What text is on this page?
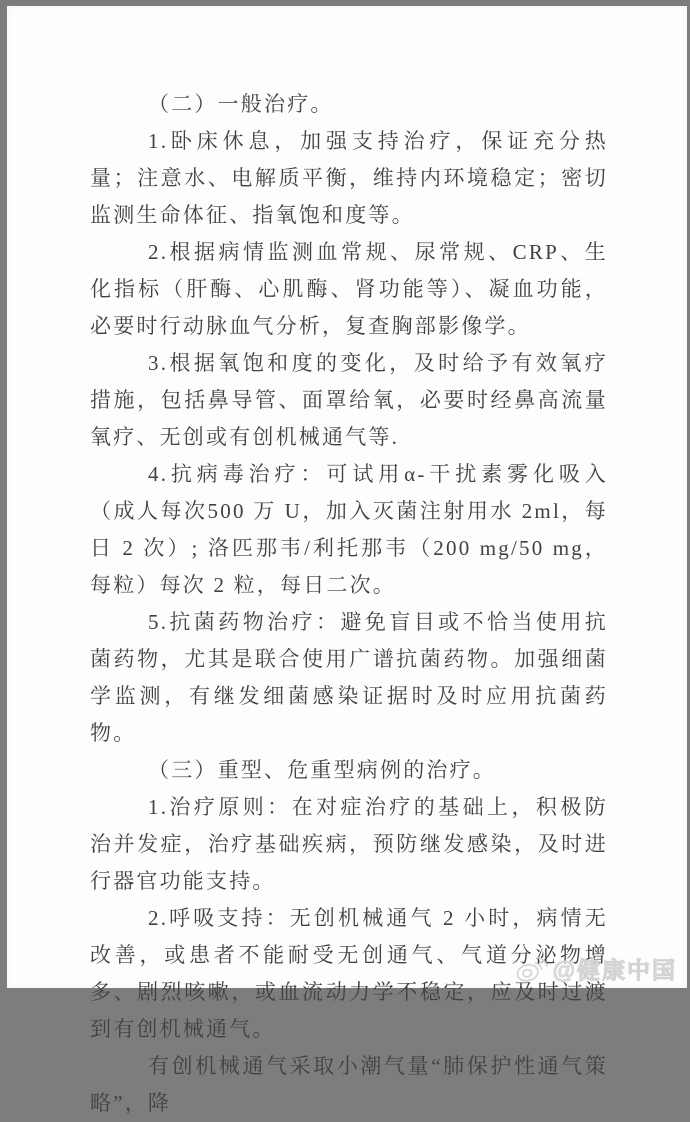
（二）一般治疗。

1.卧床休息，加强支持治疗，保证充分热量；注意水、电解质平衡，维持内环境稳定；密切监测生命体征、指氧饱和度等。

2.根据病情监测血常规、尿常规、CRP、生化指标（肝酶、心肌酶、肾功能等）、凝血功能，必要时行动脉血气分析，复查胸部影像学。

3.根据氧饱和度的变化，及时给予有效氧疗措施，包括鼻导管、面罩给氧，必要时经鼻高流量氧疗、无创或有创机械通气等.

4.抗病毒治疗：可试用α-干扰素雾化吸入（成人每次500 万 U，加入灭菌注射用水 2ml，每日 2 次）; 洛匹那韦/利托那韦（200 mg/50 mg，每粒）每次 2 粒，每日二次。

5.抗菌药物治疗：避免盲目或不恰当使用抗菌药物，尤其是联合使用广谱抗菌药物。加强细菌学监测，有继发细菌感染证据时及时应用抗菌药物。

（三）重型、危重型病例的治疗。

1.治疗原则：在对症治疗的基础上，积极防治并发症，治疗基础疾病，预防继发感染，及时进行器官功能支持。

2.呼吸支持：无创机械通气 2 小时，病情无改善，或患者不能耐受无创通气、气道分泌物增多、剧烈咳嗽，或血流动力学不稳定，应及时过渡到有创机械通气。

有创机械通气采取小潮气量“肺保护性通气策略”，降

@健康中国
